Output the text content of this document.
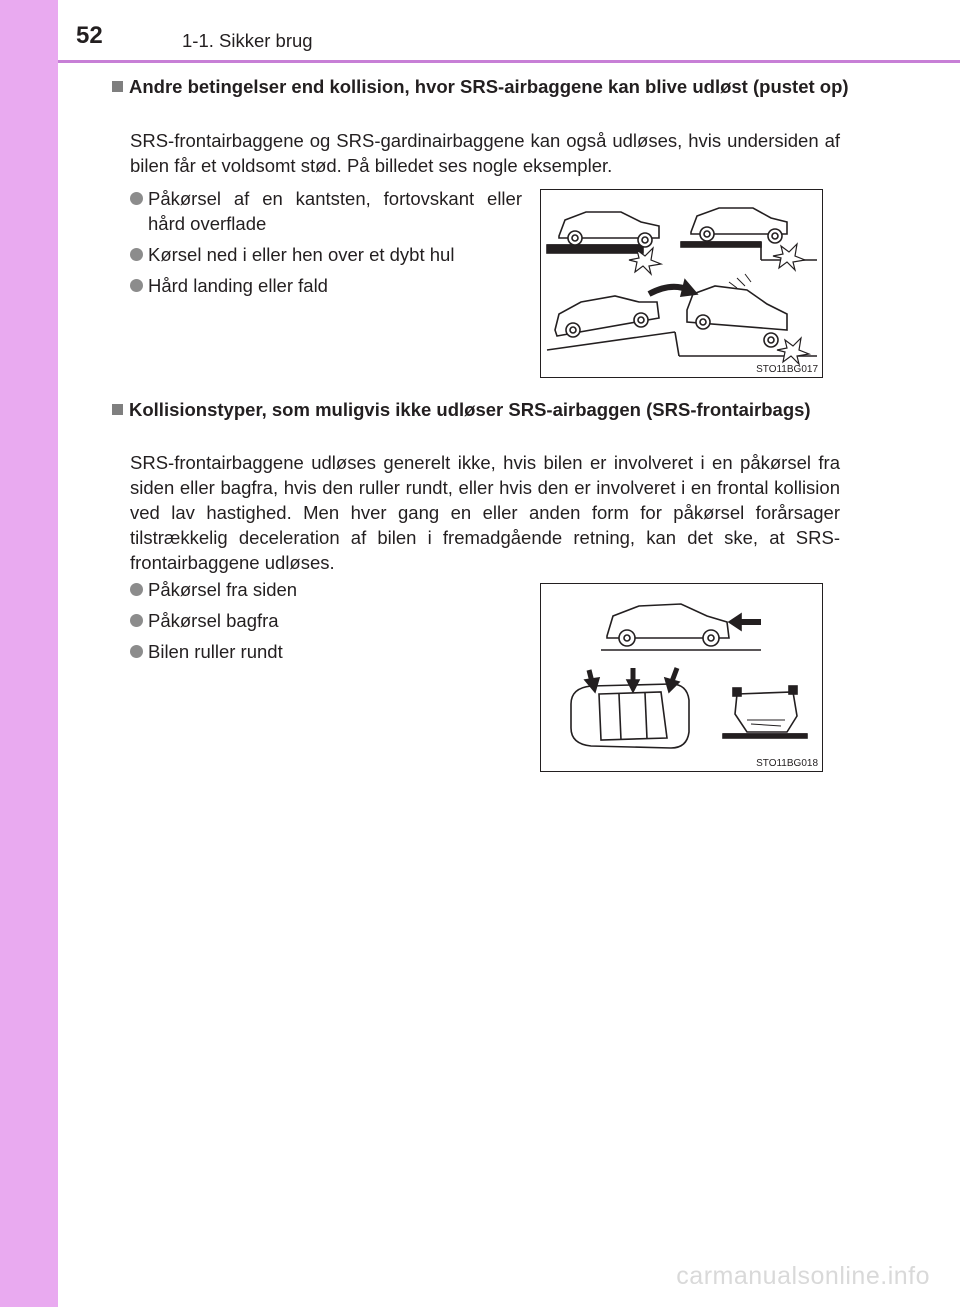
52	1-1. Sikker brug
Andre betingelser end kollision, hvor SRS-airbaggene kan blive udløst (pustet op)
SRS-frontairbaggene og SRS-gardinairbaggene kan også udløses, hvis undersiden af bilen får et voldsomt stød. På billedet ses nogle eksempler.
Påkørsel af en kantsten, fortovskant eller hård overflade
Kørsel ned i eller hen over et dybt hul
Hård landing eller fald
STO11BG017
Kollisionstyper, som muligvis ikke udløser SRS-airbaggen (SRS-frontairbags)
SRS-frontairbaggene udløses generelt ikke, hvis bilen er involveret i en påkørsel fra siden eller bagfra, hvis den ruller rundt, eller hvis den er involveret i en frontal kollision ved lav hastighed. Men hver gang en eller anden form for påkørsel forårsager tilstrækkelig deceleration af bilen i fremadgående retning, kan det ske, at SRS-frontairbaggene udløses.
Påkørsel fra siden
Påkørsel bagfra
Bilen ruller rundt
STO11BG018
carmanualsonline.info
